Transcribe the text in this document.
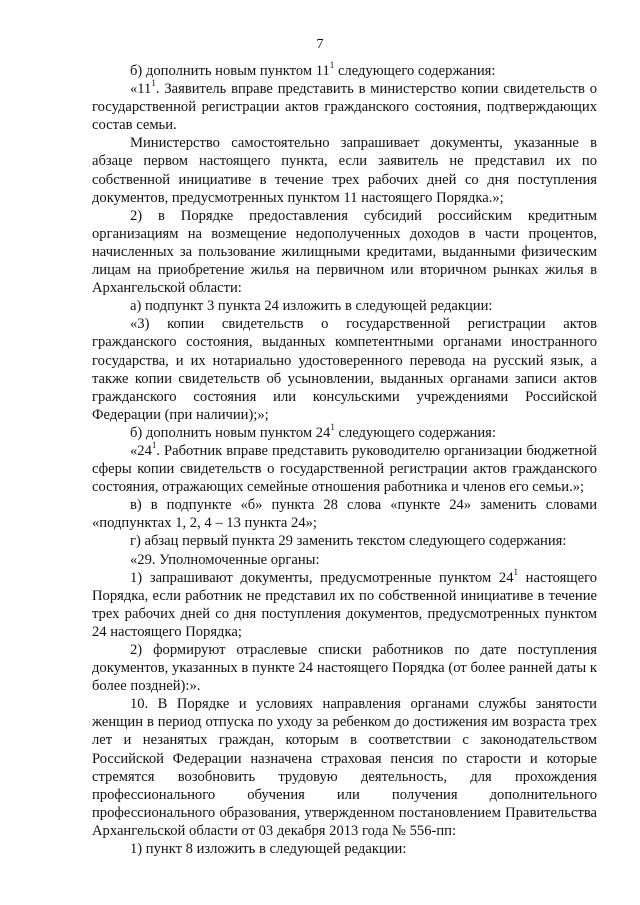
7

б) дополнить новым пунктом $11^1$ следующего содержания:

«$11^1$. Заявитель вправе представить в министерство копии свидетельств о государственной регистрации актов гражданского состояния, подтверждающих состав семьи.

Министерство самостоятельно запрашивает документы, указанные в абзаце первом настоящего пункта, если заявитель не представил их по собственной инициативе в течение трех рабочих дней со дня поступления документов, предусмотренных пунктом 11 настоящего Порядка.»;

2) в Порядке предоставления субсидий российским кредитным организациям на возмещение недополученных доходов в части процентов, начисленных за пользование жилищными кредитами, выданными физическим лицам на приобретение жилья на первичном или вторичном рынках жилья в Архангельской области:

а) подпункт 3 пункта 24 изложить в следующей редакции:

«3) копии свидетельств о государственной регистрации актов гражданского состояния, выданных компетентными органами иностранного государства, и их нотариально удостоверенного перевода на русский язык, а также копии свидетельств об усыновлении, выданных органами записи актов гражданского состояния или консульскими учреждениями Российской Федерации (при наличии);»;

б) дополнить новым пунктом $24^1$ следующего содержания:

«$24^1$. Работник вправе представить руководителю организации бюджетной сферы копии свидетельств о государственной регистрации актов гражданского состояния, отражающих семейные отношения работника и членов его семьи.»;

в) в подпункте «б» пункта 28 слова «пункте 24» заменить словами «подпунктах 1, 2, 4 – 13 пункта 24»;

г) абзац первый пункта 29 заменить текстом следующего содержания:

«29. Уполномоченные органы:

1) запрашивают документы, предусмотренные пунктом $24^1$ настоящего Порядка, если работник не представил их по собственной инициативе в течение трех рабочих дней со дня поступления документов, предусмотренных пунктом 24 настоящего Порядка;

2) формируют отраслевые списки работников по дате поступления документов, указанных в пункте 24 настоящего Порядка (от более ранней даты к более поздней):».

10. В Порядке и условиях направления органами службы занятости женщин в период отпуска по уходу за ребенком до достижения им возраста трех лет и незанятых граждан, которым в соответствии с законодательством Российской Федерации назначена страховая пенсия по старости и которые стремятся возобновить трудовую деятельность, для прохождения профессионального обучения или получения дополнительного профессионального образования, утвержденном постановлением Правительства Архангельской области от 03 декабря 2013 года № 556-пп:

1) пункт 8 изложить в следующей редакции:
